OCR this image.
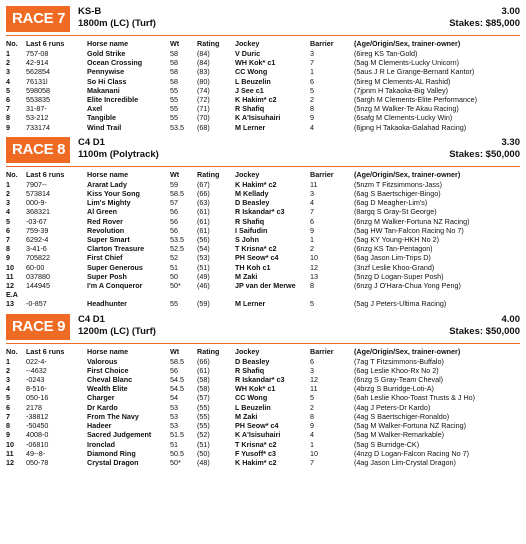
RACE 7	KS-B
1800m (LC) (Turf)
3.00
Stakes: $85,000
No.	Last 6 runs	Horse name	Wt	Rating	Jockey	Barrier	(Age/Origin/Sex, trainer-owner)
1	757-08	Gold Strike	58	(84)	V Duric	3	(6ireg KS Tan-Gold)
2	42-914	Ocean Crossing	58	(84)	WH Kok* c1	7	(5ag M Clements-Lucky Unicorn)
3	562854	Pennywise	58	(83)	CC Wong	1	(5aus J R Le Grange-Bernard Kantor)
4	76131l	So Hi Class	58	(80)	L Beuzelin	6	(5ireg M Clements-AL Rashid)
5	598058	Makanani	55	(74)	J See c1	5	(7jpnm H Takaoka-Big Valley)
6	553835	Elite Incredible	55	(72)	K Hakim* c2	2	(5argh M Clements-Elite Performance)
7	31-87-	Axel	55	(71)	R Shafiq	8	(5nzg M Walker-Te Akau Racing)
8	53-212	Tangible	55	(70)	K A'Isisuhairi	9	(6safg M Clements-Lucky Win)
9	733174	Wind Trail	53.5	(68)	M Lerner	4	(6jpng H Takaoka-Galahad Racing)
RACE 8	C4 D1
1100m (Polytrack)
3.30
Stakes: $50,000
No.	Last 6 runs	Horse name	Wt	Rating	Jockey	Barrier	(Age/Origin/Sex, trainer-owner)
1	7907--	Ararat Lady	59	(67)	K Hakim* c2	11	(5nzm T Fitzsimmons-Jass)
2	573814	Kiss Your Song	58.5	(66)	M Kellady	3	(6ag S Baertschiger-Bingo)
3	000-9-	Lim's Mighty	57	(63)	D Beasley	4	(6ag D Meagher-Lim's)
4	368321	Al Green	56	(61)	R Iskandar* c3	7	(8argq S Gray-St George)
5	-03-67	Red Rover	56	(61)	R Shafiq	6	(6nzg M Walker-Fortuna NZ Racing)
6	759-39	Revolution	56	(61)	I Saifudin	9	(5ag HW Tan-Falcon Racing No 7)
7	6292-4	Super Smart	53.5	(56)	S John	1	(5ag KY Young-HKH No 2)
8	3-41-6	Clarton Treasure	52.5	(54)	T Krisna* c2	2	(6nzg KS Tan-Pentagon)
9	705822	First Chief	52	(53)	PH Seow* c4	10	(6ag Jason Lim-Trips D)
10	60-00	Super Generous	51	(51)	TH Koh c1	12	(3nzf Leslie Khoo-Grand)
11	037880	Super Posh	50	(49)	M Zaki	13	(5nzg D Logan-Super Posh)
12	144945	I'm A Conqueror	50*	(46)	JP van der Merwe	8	(6nzg J O'Hara-Chua Yong Peng)
E.A							
13	-0-857	Headhunter	55	(59)	M Lerner	5	(5ag J Peters-Ultima Racing)
RACE 9	C4 D1
1200m (LC) (Turf)
4.00
Stakes: $50,000
No.	Last 6 runs	Horse name	Wt	Rating	Jockey	Barrier	(Age/Origin/Sex, trainer-owner)
1	022-4-	Valorous	58.5	(66)	D Beasley	6	(7ag T Fitzsimmons-Buffalo)
2	--4632	First Choice	56	(61)	R Shafiq	3	(6ag Leslie Khoo-Rx No 2)
3	-0243	Cheval Blanc	54.5	(58)	R Iskandar* c3	12	(6nzg S Gray-Team Cheval)
4	8-516-	Wealth Elite	54.5	(58)	WH Kok* c1	11	(4brzg S Burridge-Loti-A)
5	050-16	Charger	54	(57)	CC Wong	5	(6ah Leslie Khoo-Toast Trusts & J Ho)
6	2178	Dr Kardo	53	(55)	L Beuzelin	2	(4ag J Peters-Dr Kardo)
7	-38812	From The Navy	53	(55)	M Zaki	8	(4ag S Baertschiger-Ronaldo)
8	-50450	Hadeer	53	(55)	PH Seow* c4	9	(5ag M Walker-Fortuna NZ Racing)
9	4008-0	Sacred Judgement	51.5	(52)	K A'Isisuhairi	4	(5ag M Walker-Remarkable)
10	-06810	Ironclad	51	(51)	T Krisna* c2	1	(5ag S Burridge-CK)
11	49--8-	Diamond Ring	50.5	(50)	F Yusoff* c3	10	(4nzg D Logan-Falcon Racing No 7)
12	050-78	Crystal Dragon	50*	(48)	K Hakim* c2	7	(4ag Jason Lim-Crystal Dragon)
